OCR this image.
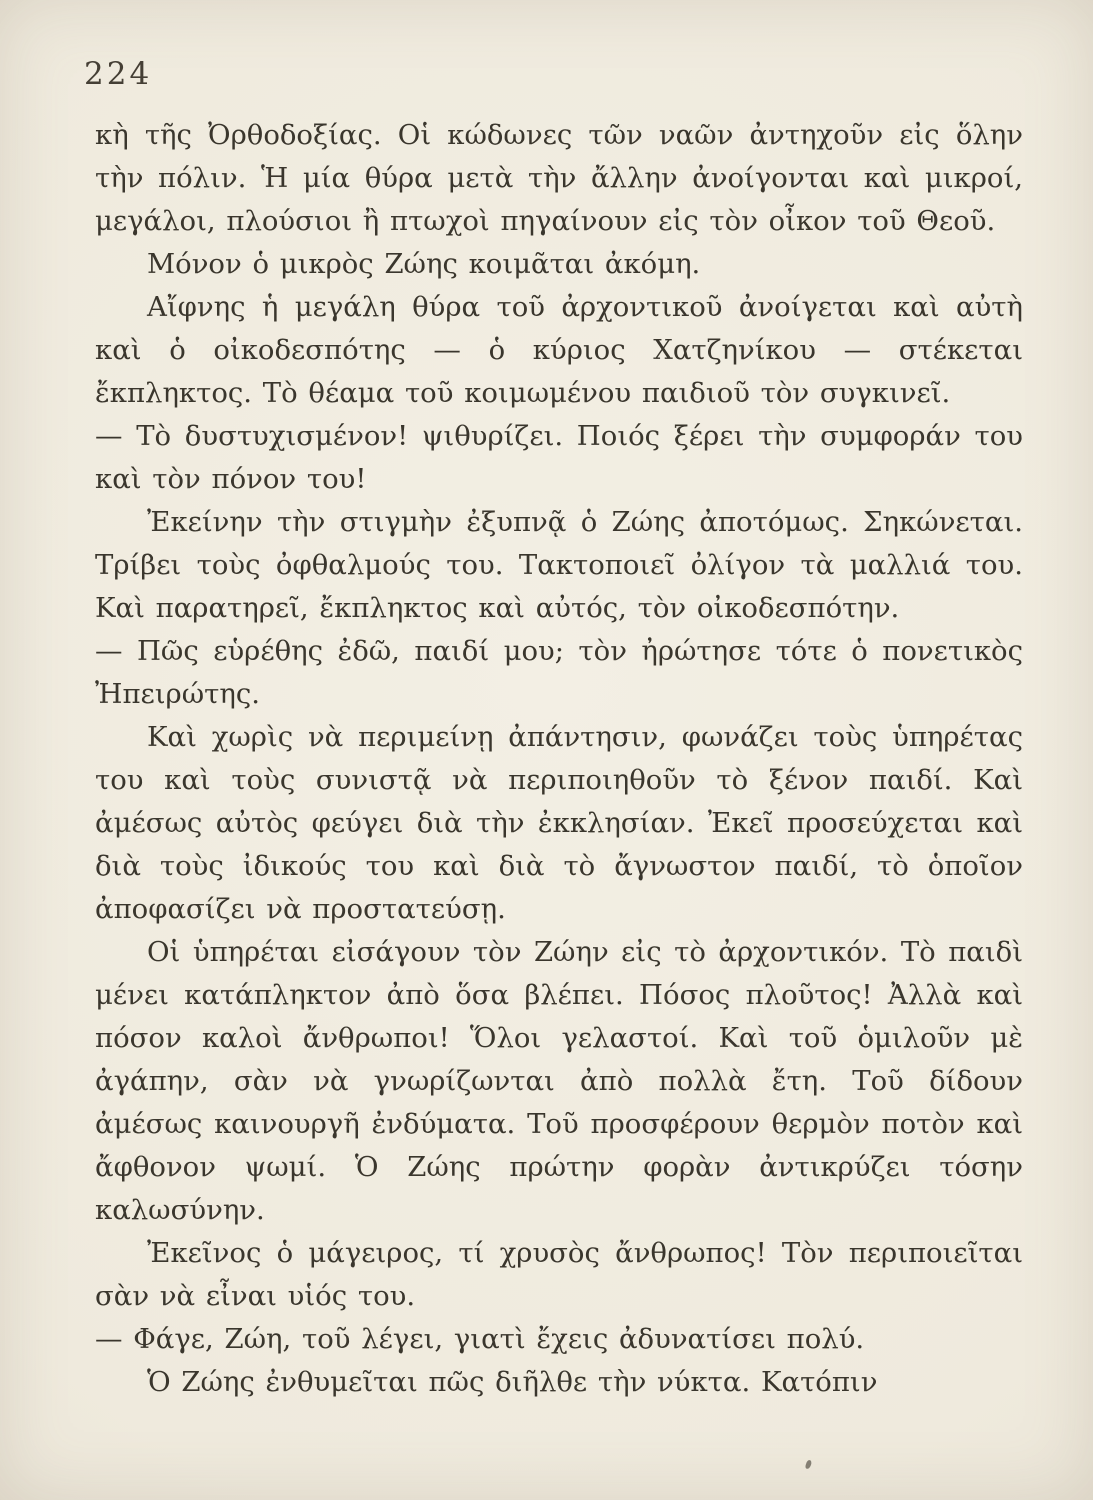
224

κὴ τῆς Ὀρθοδοξίας. Οἱ κώδωνες τῶν ναῶν ἀντηχοῦν εἰς ὅλην τὴν πόλιν. Ἡ μία θύρα μετὰ τὴν ἄλλην ἀνοίγονται καὶ μικροί, μεγάλοι, πλούσιοι ἢ πτωχοὶ πηγαίνουν εἰς τὸν οἶκον τοῦ Θεοῦ.

Μόνον ὁ μικρὸς Ζώης κοιμᾶται ἀκόμη.

Αἴφνης ἡ μεγάλη θύρα τοῦ ἀρχοντικοῦ ἀνοίγεται καὶ αὐτὴ καὶ ὁ οἰκοδεσπότης — ὁ κύριος Χατζηνίκου — στέκεται ἔκπληκτος. Τὸ θέαμα τοῦ κοιμωμένου παιδιοῦ τὸν συγκινεῖ.

— Τὸ δυστυχισμένον! ψιθυρίζει. Ποιός ξέρει τὴν συμφοράν του καὶ τὸν πόνον του!

Ἐκείνην τὴν στιγμὴν ἐξυπνᾷ ὁ Ζώης ἀποτόμως. Σηκώνεται. Τρίβει τοὺς ὀφθαλμούς του. Τακτοποιεῖ ὀλίγον τὰ μαλλιά του. Καὶ παρατηρεῖ, ἔκπληκτος καὶ αὐτός, τὸν οἰκοδεσπότην.

— Πῶς εὑρέθης ἐδῶ, παιδί μου; τὸν ἠρώτησε τότε ὁ πονετικὸς Ἠπειρώτης.

Καὶ χωρὶς νὰ περιμείνῃ ἀπάντησιν, φωνάζει τοὺς ὑπηρέτας του καὶ τοὺς συνιστᾷ νὰ περιποιηθοῦν τὸ ξένον παιδί. Καὶ ἀμέσως αὐτὸς φεύγει διὰ τὴν ἐκκλησίαν. Ἐκεῖ προσεύχεται καὶ διὰ τοὺς ἰδικούς του καὶ διὰ τὸ ἄγνωστον παιδί, τὸ ὁποῖον ἀποφασίζει νὰ προστατεύσῃ.

Οἱ ὑπηρέται εἰσάγουν τὸν Ζώην εἰς τὸ ἀρχοντικόν. Τὸ παιδὶ μένει κατάπληκτον ἀπὸ ὅσα βλέπει. Πόσος πλοῦτος! Ἀλλὰ καὶ πόσον καλοὶ ἄνθρωποι! Ὅλοι γελαστοί. Καὶ τοῦ ὁμιλοῦν μὲ ἀγάπην, σὰν νὰ γνωρίζωνται ἀπὸ πολλὰ ἔτη. Τοῦ δίδουν ἀμέσως καινουργῆ ἐνδύματα. Τοῦ προσφέρουν θερμὸν ποτὸν καὶ ἄφθονον ψωμί. Ὁ Ζώης πρώτην φορὰν ἀντικρύζει τόσην καλωσύνην.

Ἐκεῖνος ὁ μάγειρος, τί χρυσὸς ἄνθρωπος! Τὸν περιποιεῖται σὰν νὰ εἶναι υἱός του.

— Φάγε, Ζώη, τοῦ λέγει, γιατὶ ἔχεις ἀδυνατίσει πολύ.

Ὁ Ζώης ἐνθυμεῖται πῶς διῆλθε τὴν νύκτα. Κατόπιν
